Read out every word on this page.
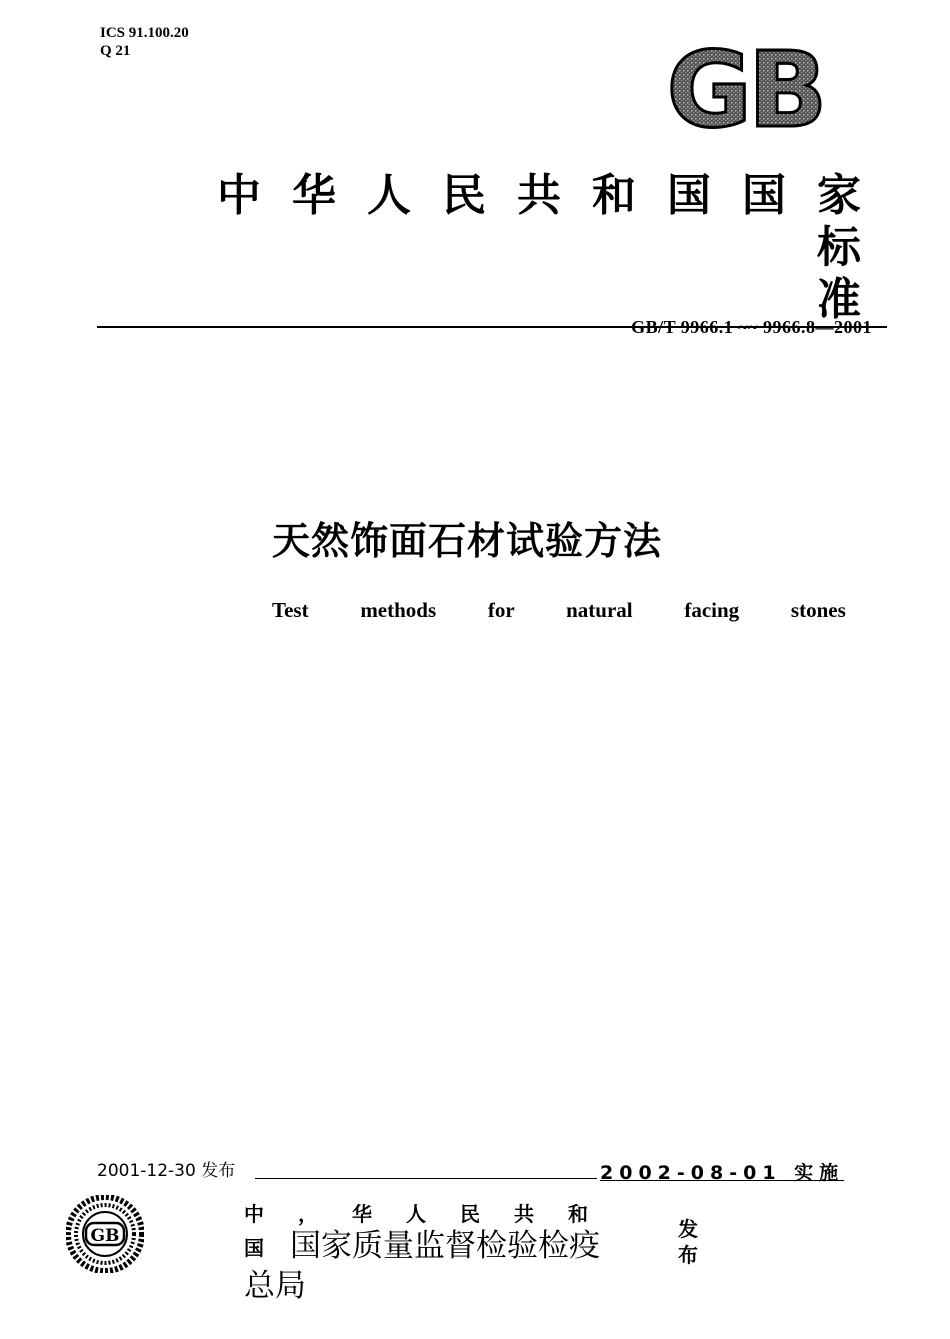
ICS 91.100.20
Q 21	GB
中华人民共和国国家标
准
GB/T 9966.1 ~~ 9966.8—2001
天然饰面石材试验方法
Test   methods   for   natural   facing   stones
2001-12-30 发布	2002-08-01 实施
GB
中，华人民共和
国 国家质量监督检验检疫
总局
发
布
